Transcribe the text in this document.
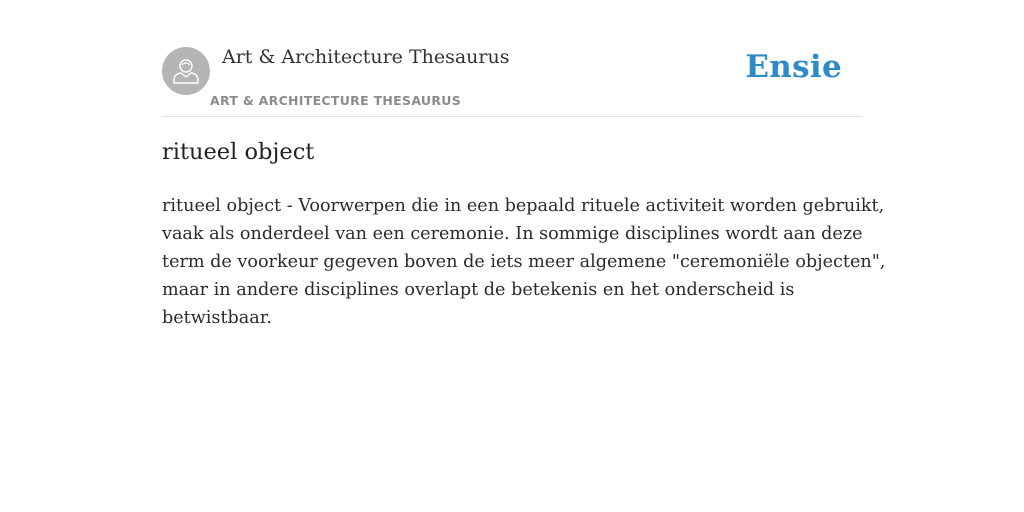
Art & Architecture Thesaurus
ART & ARCHITECTURE THESAURUS
Ensie
ritueel object

ritueel object - Voorwerpen die in een bepaald rituele activiteit worden gebruikt,
vaak als onderdeel van een ceremonie. In sommige disciplines wordt aan deze
term de voorkeur gegeven boven de iets meer algemene "ceremoniële objecten",
maar in andere disciplines overlapt de betekenis en het onderscheid is
betwistbaar.
